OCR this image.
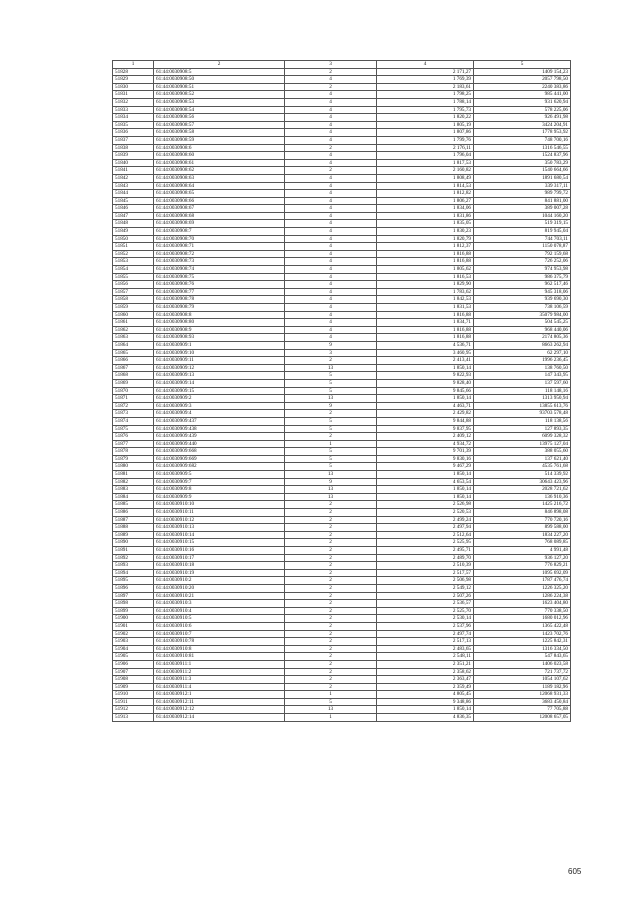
1	2	3	4	5
51828	61:44:0030908:5	2	2 171,27	1409 154,23
51829	61:44:0030908:50	4	1 769,39	2057 798,50
51830	61:44:0030908:51	2	2 183,61	2240 383,86
51831	61:44:0030908:52	4	1 798,25	985 441,00
51832	61:44:0030908:53	4	1 788,14	931 620,94
51833	61:44:0030908:54	4	1 795,73	578 225,06
51834	61:44:0030908:56	4	1 820,22	926 491,98
51835	61:44:0030908:57	4	1 805,19	3424 204,91
51836	61:44:0030908:58	4	1 807,86	1778 953,92
51837	61:44:0030908:59	4	1 799,76	748 700,16
51838	61:44:0030908:6	2	2 176,11	1316 546,55
51839	61:44:0030908:60	4	1 796,04	1524 837,96
51840	61:44:0030908:61	4	1 817,53	350 783,29
51841	61:44:0030908:62	2	2 160,82	1540 664,66
51842	61:44:0030908:63	4	1 808,49	1891 680,54
51843	61:44:0030908:64	4	1 814,53	339 317,11
51844	61:44:0030908:65	4	1 812,82	989 799,72
51845	61:44:0030908:66	4	1 806,27	841 881,00
51846	61:44:0030908:67	4	1 834,06	389 007,28
51847	61:44:0030908:68	4	1 831,86	1044 160,20
51848	61:44:0030908:69	4	1 835,05	519 319,15
51849	61:44:0030908:7	4	1 830,23	819 945,04
51850	61:44:0030908:70	4	1 820,79	744 703,11
51851	61:44:0030908:71	4	1 812,37	1150 078,87
51852	61:44:0030908:72	4	1 816,88	792 159,68
51853	61:44:0030908:73	4	1 816,88	726 252,06
51854	61:44:0030908:74	4	1 805,62	974 953,98
51855	61:44:0030908:75	4	1 816,53	986 375,79
51856	61:44:0030908:76	4	1 829,90	962 517,46
51857	61:44:0030908:77	4	1 783,62	945 318,06
51858	61:44:0030908:78	4	1 842,53	939 690,30
51859	61:44:0030908:79	4	1 831,53	738 106,59
51860	61:44:0030908:8	4	1 816,88	35079 984,00
51861	61:44:0030908:80	4	1 834,71	504 545,25
51862	61:44:0030908:9	4	1 816,88	968 440,06
51863	61:44:0030908:93	4	1 816,88	2174 805,36
51864	61:44:0030909:1	9	4 536,71	8663 262,94
51865	61:44:0030909:10	3	3 460,95	62 297,10
51866	61:44:0030909:11	2	2 413,41	1996 236,45
51867	61:44:0030909:12	13	1 850,14	138 760,50
51868	61:44:0030909:13	5	9 822,93	147 343,95
51869	61:44:0030909:14	5	9 828,40	137 597,60
51870	61:44:0030909:15	5	9 845,66	118 148,16
51871	61:44:0030909:2	13	1 850,14	1313 950,94
51872	61:44:0030909:3	9	4 463,71	13855 613,76
51873	61:44:0030909:4	2	2 429,82	93703 578,48
51874	61:44:0030909:437	5	9 844,88	118 138,56
51875	61:44:0030909:438	5	9 837,95	127 893,35
51876	61:44:0030909:439	2	2 409,12	6099 328,32
51877	61:44:0030909:440	1	4 934,72	13975 127,04
51878	61:44:0030909:668	5	9 701,39	388 055,60
51879	61:44:0030909:669	5	9 830,16	137 621,40
51880	61:44:0030909:682	5	9 467,29	4535 761,68
51881	61:44:0030909:5	13	1 850,14	514 339,92
51882	61:44:0030909:7	9	4 653,54	30643 423,96
51883	61:44:0030909:8	13	1 850,14	2028 721,62
51884	61:44:0030909:9	13	1 850,14	136 910,36
51885	61:44:0030910:10	2	2 526,98	1425 216,72
51886	61:44:0030910:11	2	2 520,53	846 898,08
51887	61:44:0030910:12	2	2 499,24	770 720,16
51888	61:44:0030910:13	2	2 497,94	899 588,00
51889	61:44:0030910:14	2	2 512,64	1834 227,20
51890	61:44:0030910:15	2	2 525,95	768 089,85
51891	61:44:0030910:16	2	2 495,71	4 991,48
51892	61:44:0030910:17	2	2 489,70	936 127,20
51893	61:44:0030910:18	2	2 510,39	776 829,21
51894	61:44:0030910:19	2	2 517,57	1095 692,09
51895	61:44:0030910:2	2	2 506,98	1787 476,74
51896	61:44:0030910:20	2	2 549,12	1226 325,20
51897	61:44:0030910:21	2	2 507,26	1286 224,38
51898	61:44:0030910:3	2	2 536,57	1623 404,80
51899	61:44:0030910:4	2	2 525,70	770 338,50
51900	61:44:0030910:5	2	2 530,14	1680 012,96
51901	61:44:0030910:6	2	2 537,96	1365 422,48
51902	61:44:0030910:7	2	2 497,74	1423 702,76
51903	61:44:0030910:78	2	2 517,13	1225 842,31
51904	61:44:0030910:8	2	2 483,65	1316 334,50
51905	61:44:0030910:81	2	2 548,11	547 843,65
51906	61:44:0030911:1	2	2 351,21	1406 023,58
51907	61:44:0030911:2	2	2 358,62	721 737,72
51908	61:44:0030911:3	2	2 363,47	1054 107,62
51909	61:44:0030911:4	2	2 359,49	1189 182,96
51910	61:44:0030912:1	1	4 805,45	12068 931,33
51911	61:44:0030912:11	5	9 348,86	3683 450,84
51912	61:44:0030912:12	13	1 850,14	77 705,88
51913	61:44:0030912:14	1	4 836,35	12008 657,05
605
